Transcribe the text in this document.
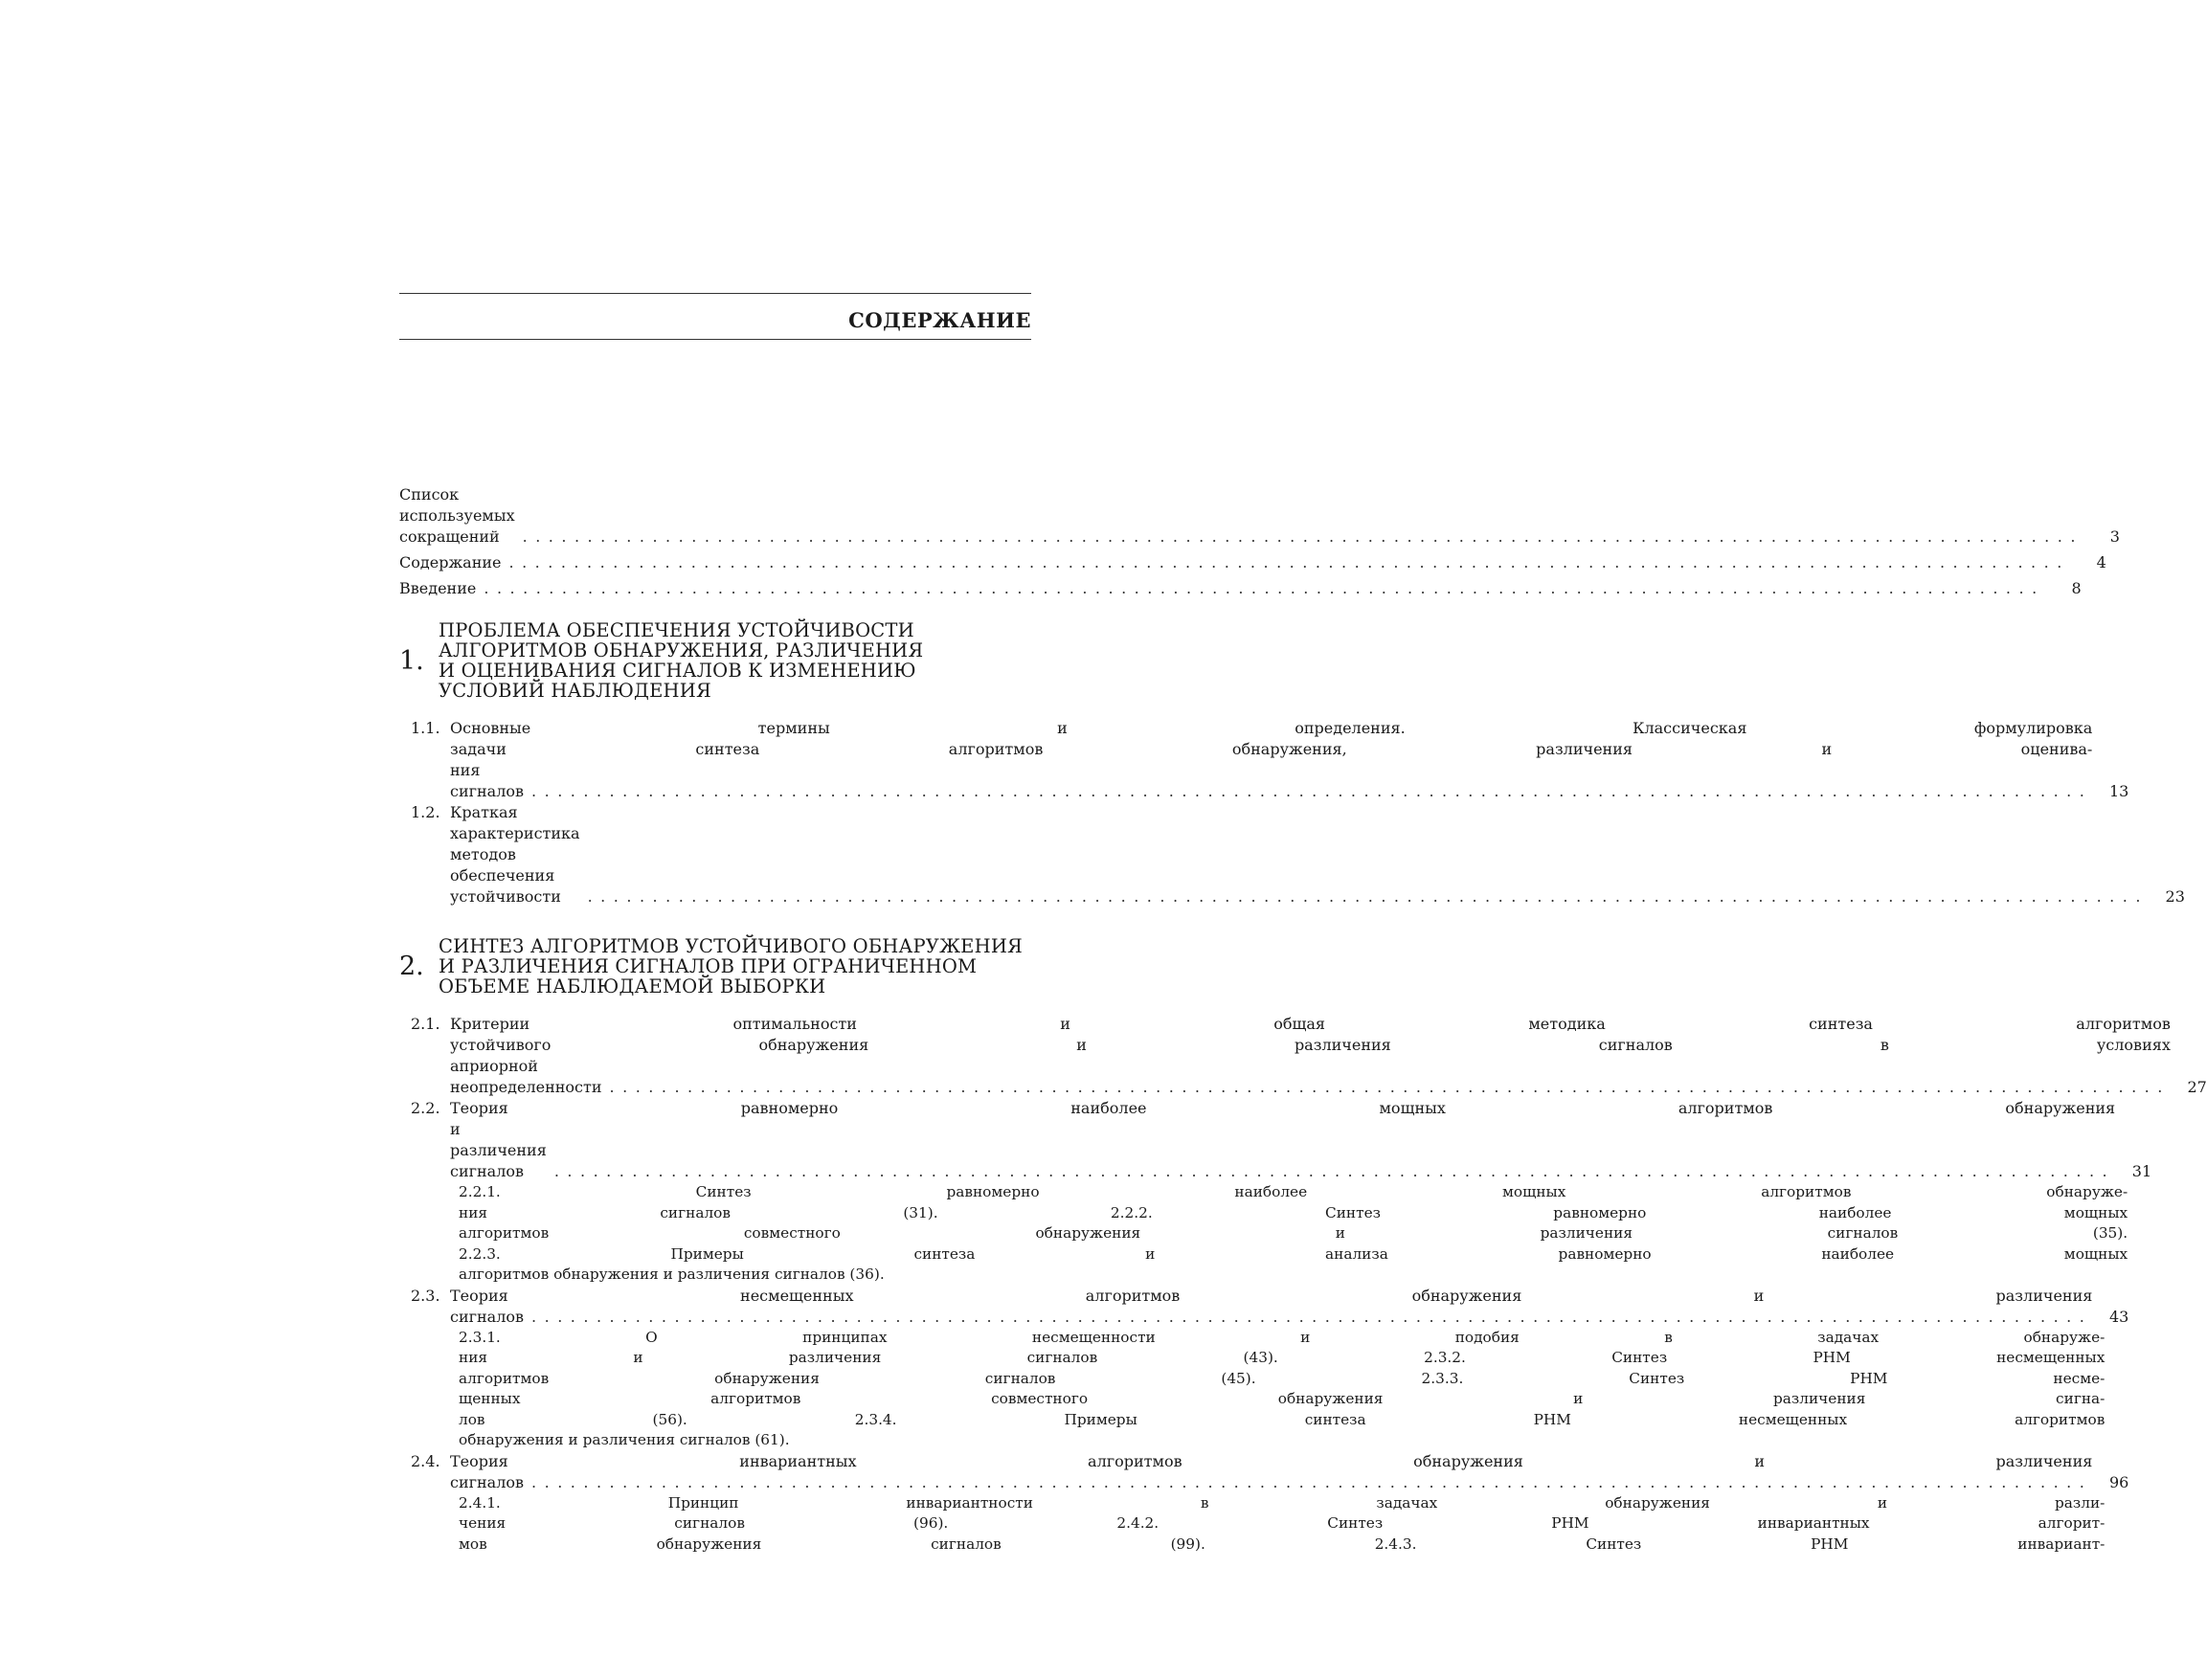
СОДЕРЖАНИЕ
Список используемых сокращений	........................................................................................................................	3
Содержание ........................................................................................................................	4
Введение ........................................................................................................................	8
1.
ПРОБЛЕМА ОБЕСПЕЧЕНИЯ УСТОЙЧИВОСТИ
АЛГОРИТМОВ ОБНАРУЖЕНИЯ, РАЗЛИЧЕНИЯ
И ОЦЕНИВАНИЯ СИГНАЛОВ К ИЗМЕНЕНИЮ
УСЛОВИЙ НАБЛЮДЕНИЯ
1.1. Основные термины и определения. Классическая формулировка
задачи синтеза алгоритмов обнаружения, различения и оценива-
ния сигналов ........................................................................................................................	13
1.2. Краткая характеристика методов обеспечения устойчивости	........................................................................................................................	23
2.
СИНТЕЗ АЛГОРИТМОВ УСТОЙЧИВОГО ОБНАРУЖЕНИЯ
И РАЗЛИЧЕНИЯ СИГНАЛОВ ПРИ ОГРАНИЧЕННОМ
ОБЪЕМЕ НАБЛЮДАЕМОЙ ВЫБОРКИ
2.1. Критерии оптимальности и общая методика синтеза алгоритмов
устойчивого обнаружения и различения сигналов в условиях
априорной неопределенности ........................................................................................................................	27
2.2. Теория равномерно наиболее мощных алгоритмов обнаружения
и различения сигналов	........................................................................................................................	31
2.2.1. Синтез равномерно наиболее мощных алгоритмов обнаруже-
ния сигналов (31). 2.2.2. Синтез равномерно наиболее мощных
алгоритмов совместного обнаружения и различения сигналов (35).
2.2.3. Примеры синтеза и анализа равномерно наиболее мощных
алгоритмов обнаружения и различения сигналов (36).
2.3. Теория несмещенных алгоритмов обнаружения и различения
сигналов ........................................................................................................................	43
2.3.1. О принципах несмещенности и подобия в задачах обнаруже-
ния и различения сигналов (43). 2.3.2. Синтез РНМ несмещенных
алгоритмов обнаружения сигналов (45). 2.3.3. Синтез РНМ несме-
щенных алгоритмов совместного обнаружения и различения сигна-
лов (56). 2.3.4. Примеры синтеза РНМ несмещенных алгоритмов
обнаружения и различения сигналов (61).
2.4. Теория инвариантных алгоритмов обнаружения и различения
сигналов ........................................................................................................................	96
2.4.1. Принцип инвариантности в задачах обнаружения и разли-
чения сигналов (96). 2.4.2. Синтез РНМ инвариантных алгорит-
мов обнаружения сигналов (99). 2.4.3. Синтез РНМ инвариант-
